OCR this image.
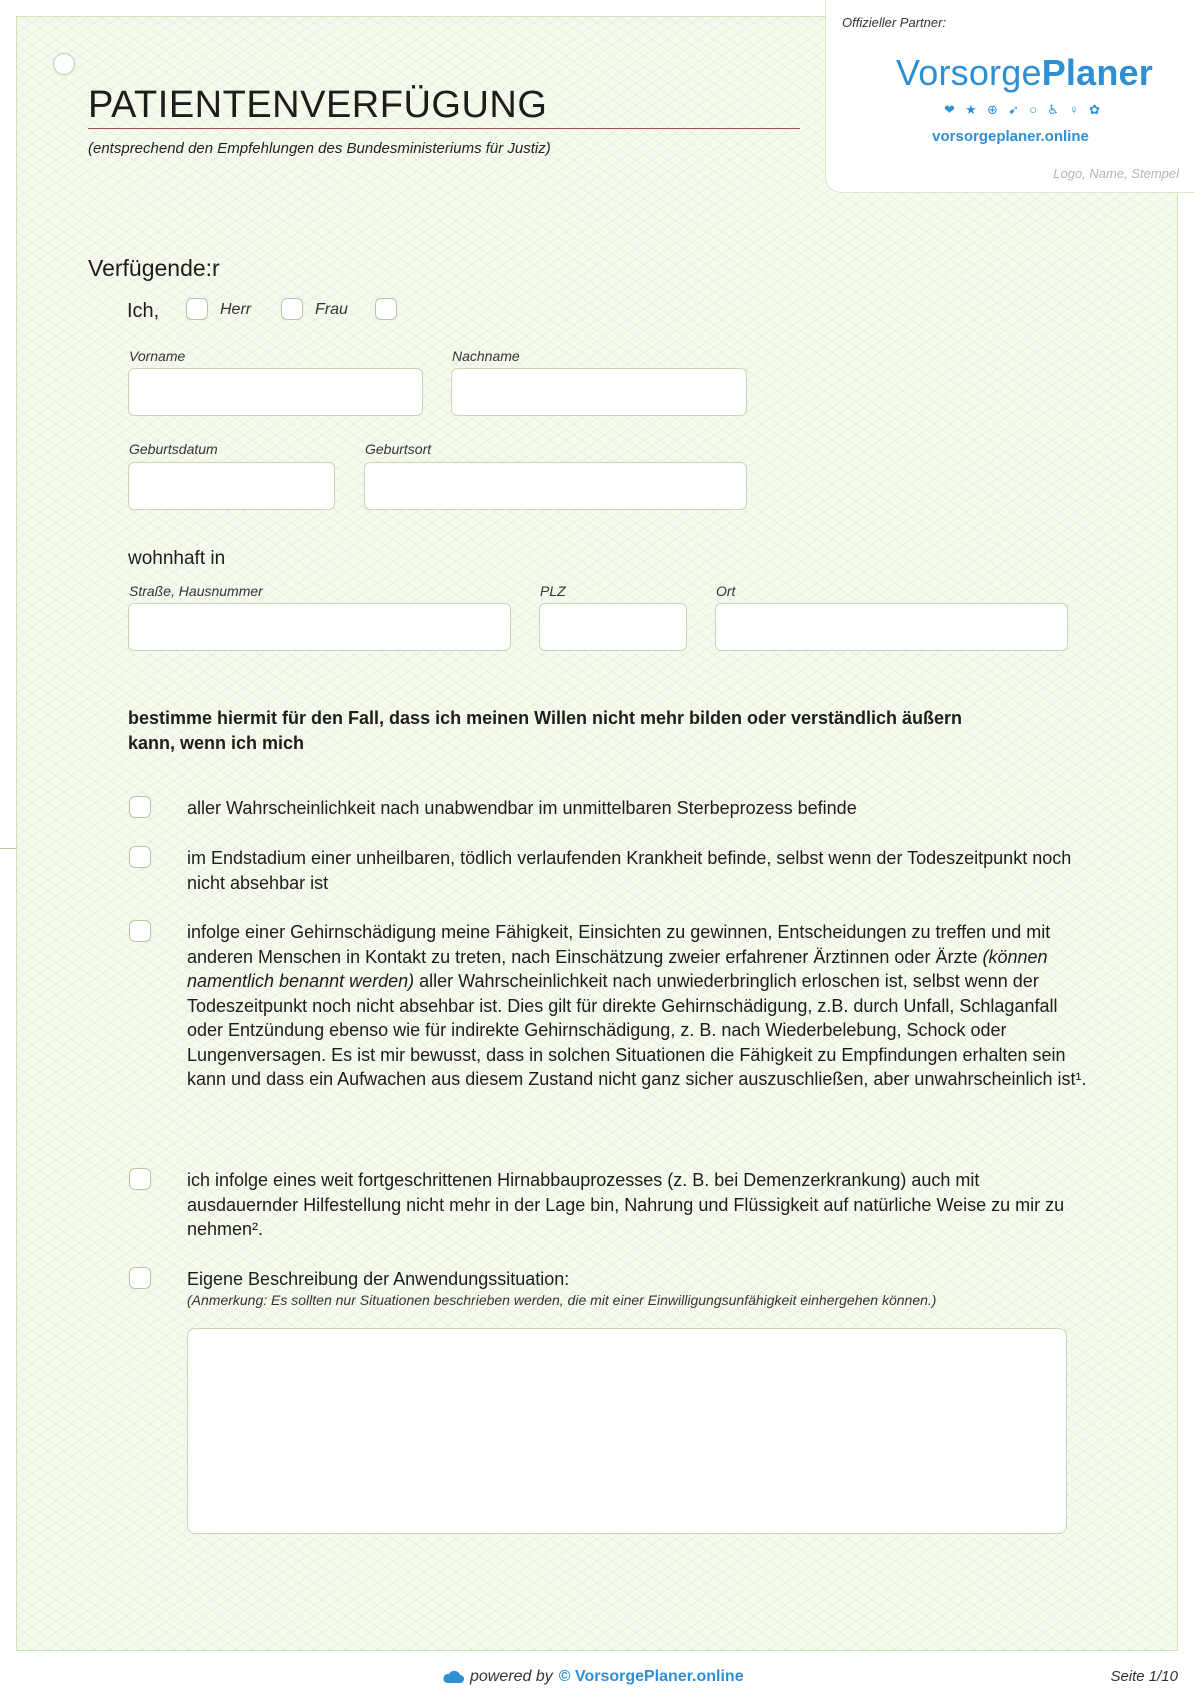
Offizieller Partner:
VorsorgePlaner
❤ ★ ⊕ ➹ ○ ♿ ♀ ✿
vorsorgeplaner.online
Logo, Name, Stempel
PATIENTENVERFÜGUNG
(entsprechend den Empfehlungen des Bundesministeriums für Justiz)
Verfügende:r
Ich,	Herr	Frau
Vorname	Nachname
Geburtsdatum	Geburtsort
wohnhaft in
Straße, Hausnummer	PLZ	Ort
bestimme hiermit für den Fall, dass ich meinen Willen nicht mehr bilden oder verständlich äußern kann, wenn ich mich
aller Wahrscheinlichkeit nach unabwendbar im unmittelbaren Sterbeprozess befinde
im Endstadium einer unheilbaren, tödlich verlaufenden Krankheit befinde, selbst wenn der Todeszeitpunkt noch nicht absehbar ist
infolge einer Gehirnschädigung meine Fähigkeit, Einsichten zu gewinnen, Entscheidungen zu treffen und mit anderen Menschen in Kontakt zu treten, nach Einschätzung zweier erfahrener Ärztinnen oder Ärzte (können namentlich benannt werden) aller Wahrscheinlichkeit nach unwiederbringlich erloschen ist, selbst wenn der Todeszeitpunkt noch nicht absehbar ist. Dies gilt für direkte Gehirnschädigung, z.B. durch Unfall, Schlaganfall oder Entzündung ebenso wie für indirekte Gehirnschädigung, z. B. nach Wiederbelebung, Schock oder Lungenversagen. Es ist mir bewusst, dass in solchen Situationen die Fähigkeit zu Empfindungen erhalten sein kann und dass ein Aufwachen aus diesem Zustand nicht ganz sicher auszuschließen, aber unwahrscheinlich ist¹.
ich infolge eines weit fortgeschrittenen Hirnabbauprozesses (z. B. bei Demenzerkrankung) auch mit ausdauernder Hilfestellung nicht mehr in der Lage bin, Nahrung und Flüssigkeit auf natürliche Weise zu mir zu nehmen².
Eigene Beschreibung der Anwendungssituation:
(Anmerkung: Es sollten nur Situationen beschrieben werden, die mit einer Einwilligungsunfähigkeit einhergehen können.)
powered by © VorsorgePlaner.online	Seite 1/10
